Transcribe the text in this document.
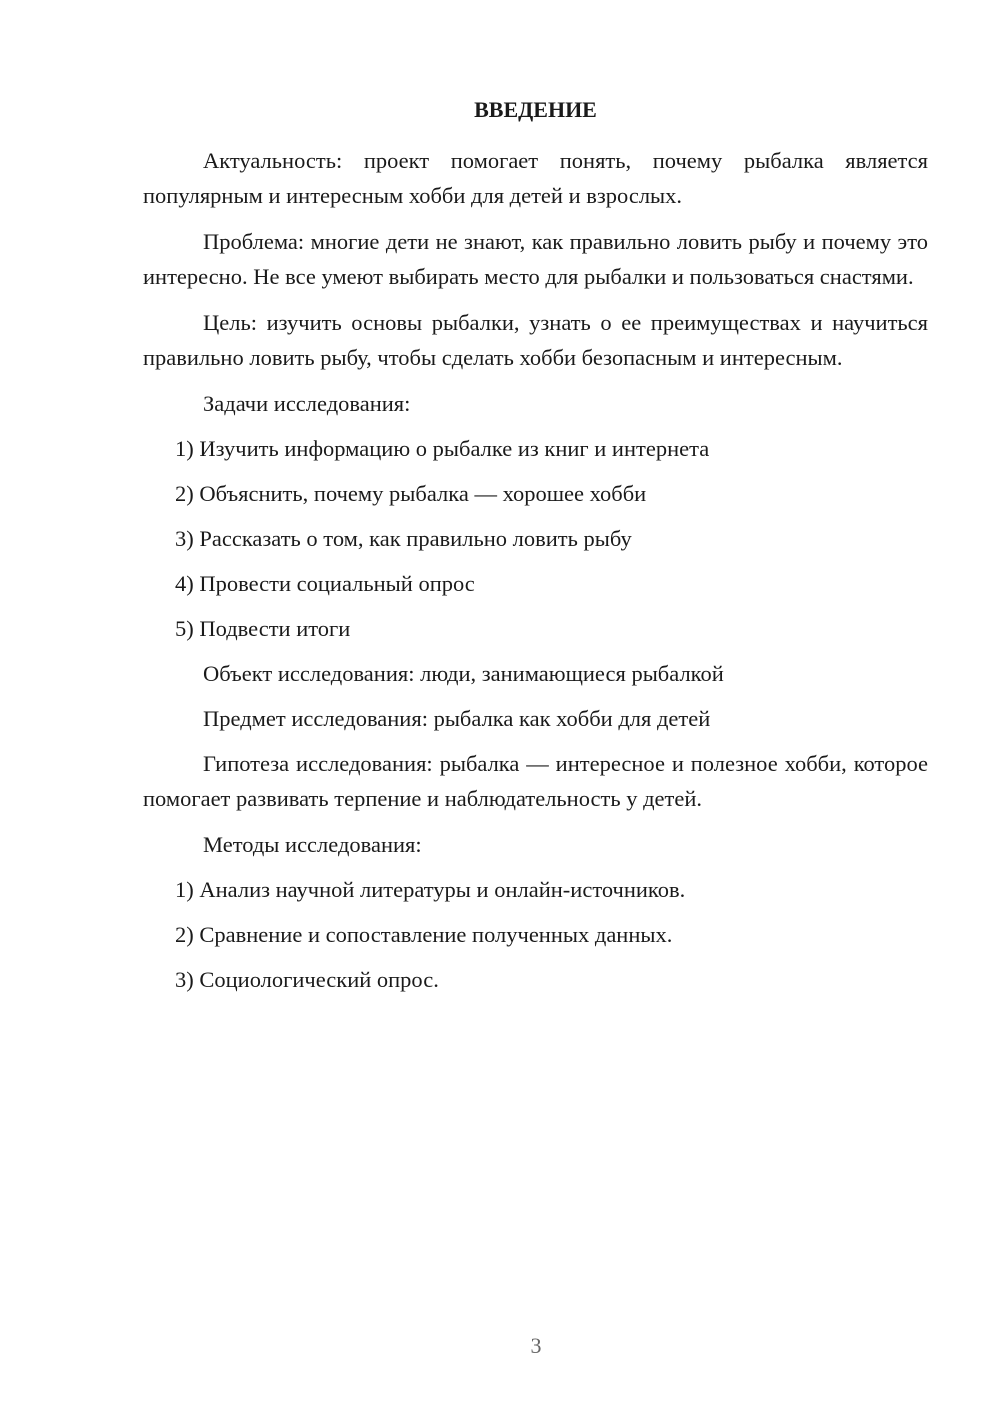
ВВЕДЕНИЕ

Актуальность: проект помогает понять, почему рыбалка является популярным и интересным хобби для детей и взрослых.

Проблема: многие дети не знают, как правильно ловить рыбу и почему это интересно. Не все умеют выбирать место для рыбалки и пользоваться снастями.

Цель: изучить основы рыбалки, узнать о ее преимуществах и научиться правильно ловить рыбу, чтобы сделать хобби безопасным и интересным.

Задачи исследования:
1) Изучить информацию о рыбалке из книг и интернета
2) Объяснить, почему рыбалка — хорошее хобби
3) Рассказать о том, как правильно ловить рыбу
4) Провести социальный опрос
5) Подвести итоги
Объект исследования: люди, занимающиеся рыбалкой
Предмет исследования: рыбалка как хобби для детей

Гипотеза исследования: рыбалка — интересное и полезное хобби, которое помогает развивать терпение и наблюдательность у детей.

Методы исследования:
1) Анализ научной литературы и онлайн-источников.
2) Сравнение и сопоставление полученных данных.
3) Социологический опрос.
3
